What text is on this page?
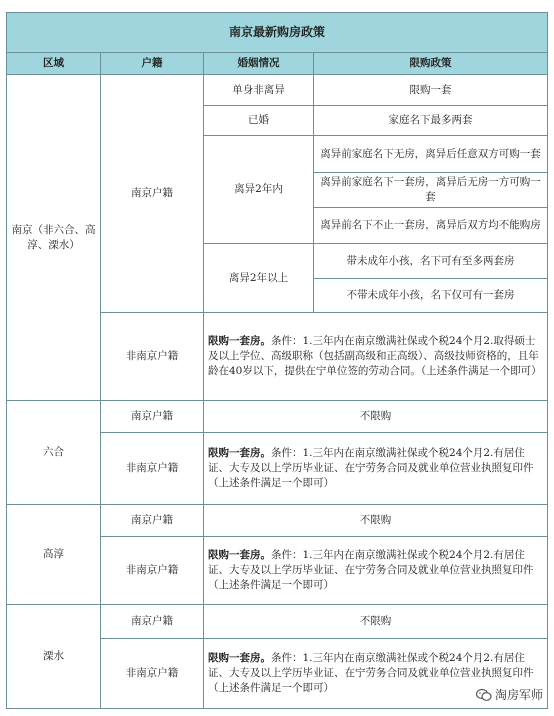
南京最新购房政策			
区域	户籍	婚姻情况	限购政策
南京（非六合、高淳、溧水）	南京户籍	单身非离异	限购一套
		已婚	家庭名下最多两套
		离异2年内	离异前家庭名下无房，离异后任意双方可购一套
			离异前家庭名下一套房，离异后无房一方可购一套
			离异前名下不止一套房，离异后双方均不能购房
		离异2年以上	带未成年小孩，名下可有至多两套房
			不带未成年小孩，名下仅可有一套房
	非南京户籍	限购一套房。条件：1.三年内在南京缴满社保或个税24个月2.取得硕士及以上学位、高级职称（包括副高级和正高级）、高级技师资格的，且年龄在40岁以下，提供在宁单位签的劳动合同。（上述条件满足一个即可）	
六合	南京户籍	不限购	
	非南京户籍	限购一套房。条件：1.三年内在南京缴满社保或个税24个月2.有居住证、大专及以上学历毕业证、在宁劳务合同及就业单位营业执照复印件（上述条件满足一个即可）	
高淳	南京户籍	不限购	
	非南京户籍	限购一套房。条件：1.三年内在南京缴满社保或个税24个月2.有居住证、大专及以上学历毕业证、在宁劳务合同及就业单位营业执照复印件（上述条件满足一个即可）	
溧水	南京户籍	不限购	
	非南京户籍	限购一套房。条件：1.三年内在南京缴满社保或个税24个月2.有居住证、大专及以上学历毕业证、在宁劳务合同及就业单位营业执照复印件（上述条件满足一个即可）		淘房军师
